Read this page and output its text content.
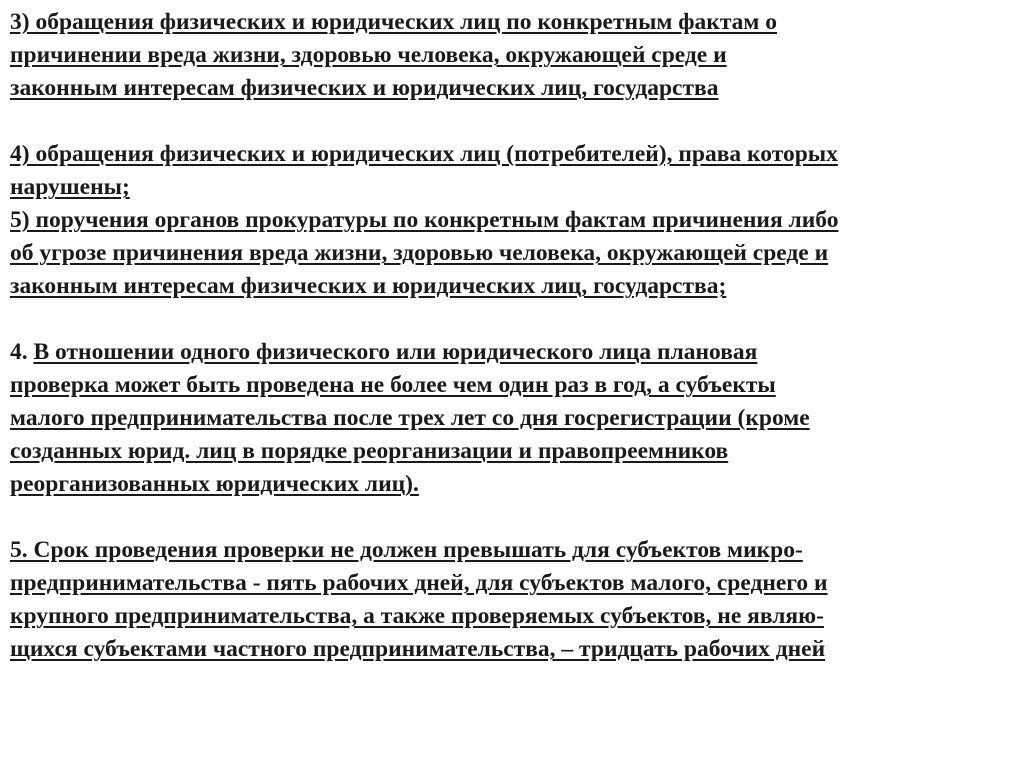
3) обращения физических и юридических лиц по конкретным фактам о
причинении вреда жизни, здоровью человека, окружающей среде и
законным интересам физических и юридических лиц, государства
4) обращения физических и юридических лиц (потребителей), права которых
нарушены;
5) поручения органов прокуратуры по конкретным фактам причинения либо
об угрозе причинения вреда жизни, здоровью человека, окружающей среде и
законным интересам физических и юридических лиц, государства;
4. В отношении одного физического или юридического лица плановая
проверка может быть проведена не более чем один раз в год, а субъекты
малого предпринимательства после трех лет со дня госрегистрации (кроме
созданных юрид. лиц в порядке реорганизации и правопреемников
реорганизованных юридических лиц).
5. Срок проведения проверки не должен превышать для субъектов микро-
предпринимательства - пять рабочих дней, для субъектов малого, среднего и
крупного предпринимательства, а также проверяемых субъектов, не являю-
щихся субъектами частного предпринимательства, – тридцать рабочих дней
